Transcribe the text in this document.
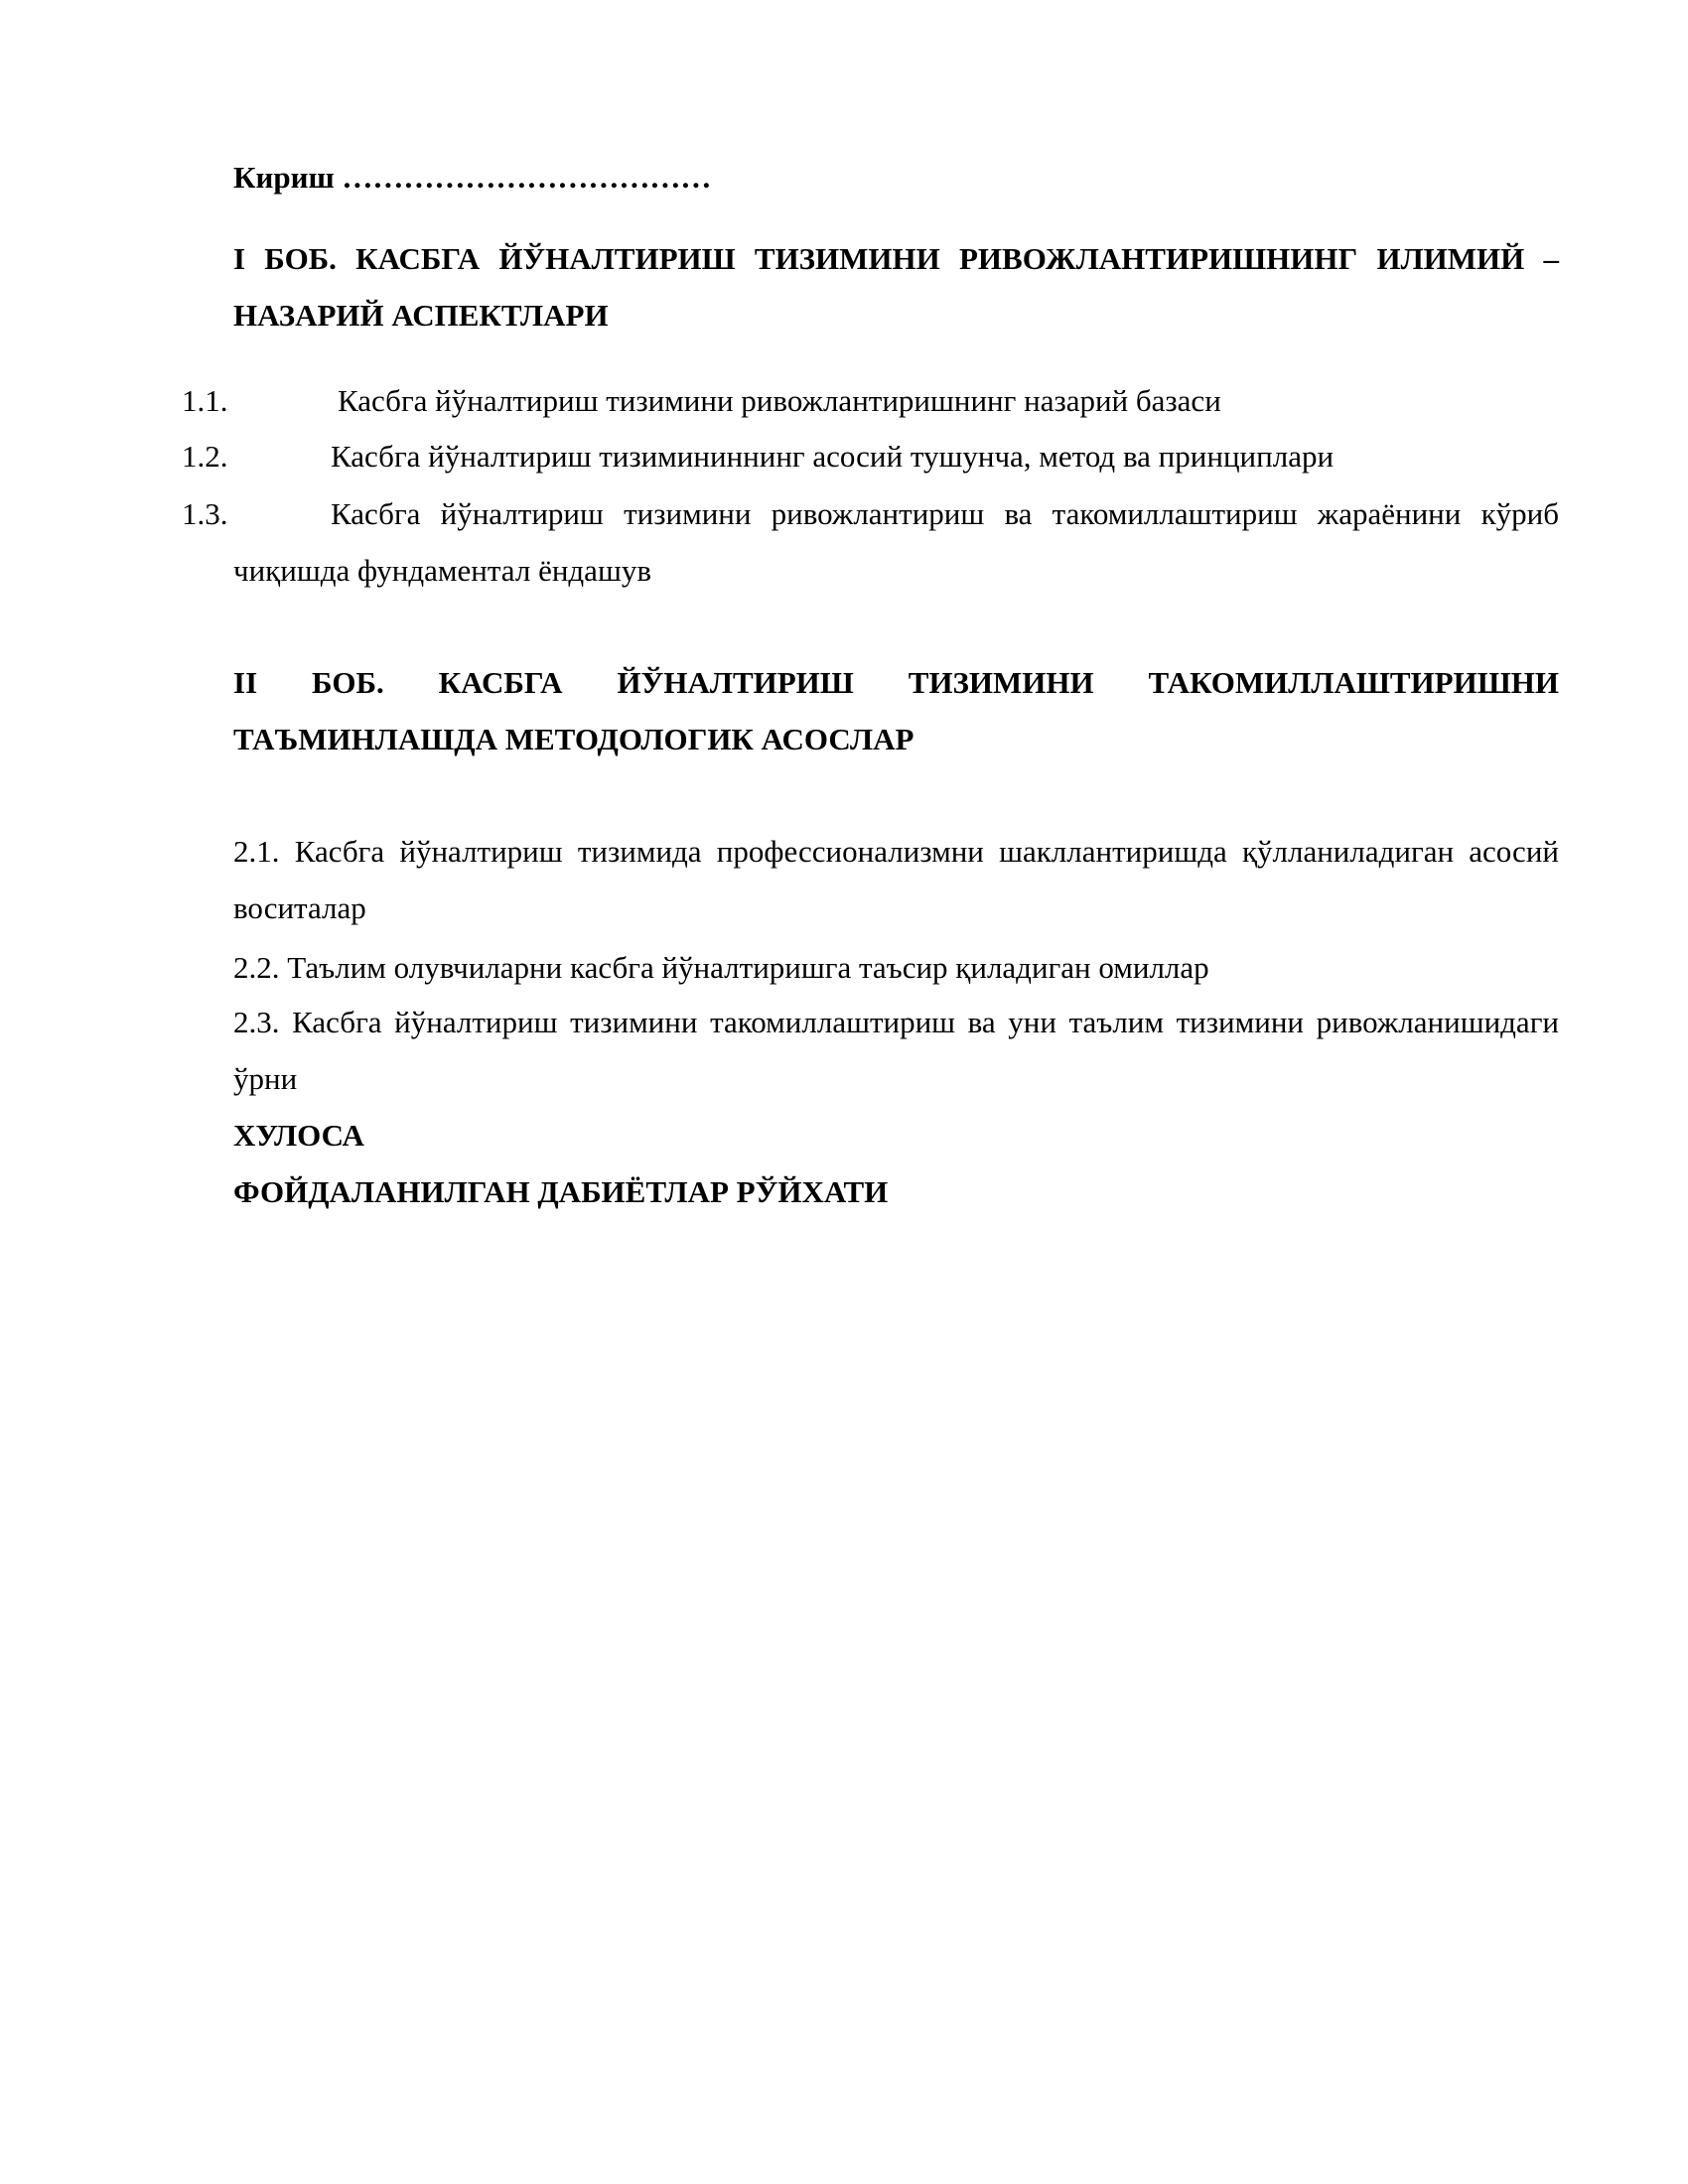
Кириш ………………………………
I БОБ. КАСБГА ЙЎНАЛТИРИШ ТИЗИМИНИ РИВОЖЛАНТИРИШНИНГ ИЛИМИЙ – НАЗАРИЙ АСПЕКТЛАРИ
1.1.	Касбга йўналтириш тизимини ривожлантиришнинг назарий базаси
1.2.	Касбга йўналтириш тизимининнинг асосий тушунча, метод ва принциплари
1.3.	Касбга йўналтириш тизимини ривожлантириш ва такомиллаштириш жараёнини кўриб
чиқишда фундаментал ёндашув
II БОБ. КАСБГА ЙЎНАЛТИРИШ ТИЗИМИНИ ТАКОМИЛЛАШТИРИШНИ ТАЪМИНЛАШДА МЕТОДОЛОГИК АСОСЛАР
2.1. Касбга йўналтириш тизимида профессионализмни шакллантиришда қўлланиладиган асосий воситалар
2.2. Таълим олувчиларни касбга йўналтиришга таъсир қиладиган омиллар
2.3. Касбга йўналтириш тизимини такомиллаштириш ва уни таълим тизимини ривожланишидаги ўрни
ХУЛОСА
ФОЙДАЛАНИЛГАН ДАБИЁТЛАР РЎЙХАТИ
